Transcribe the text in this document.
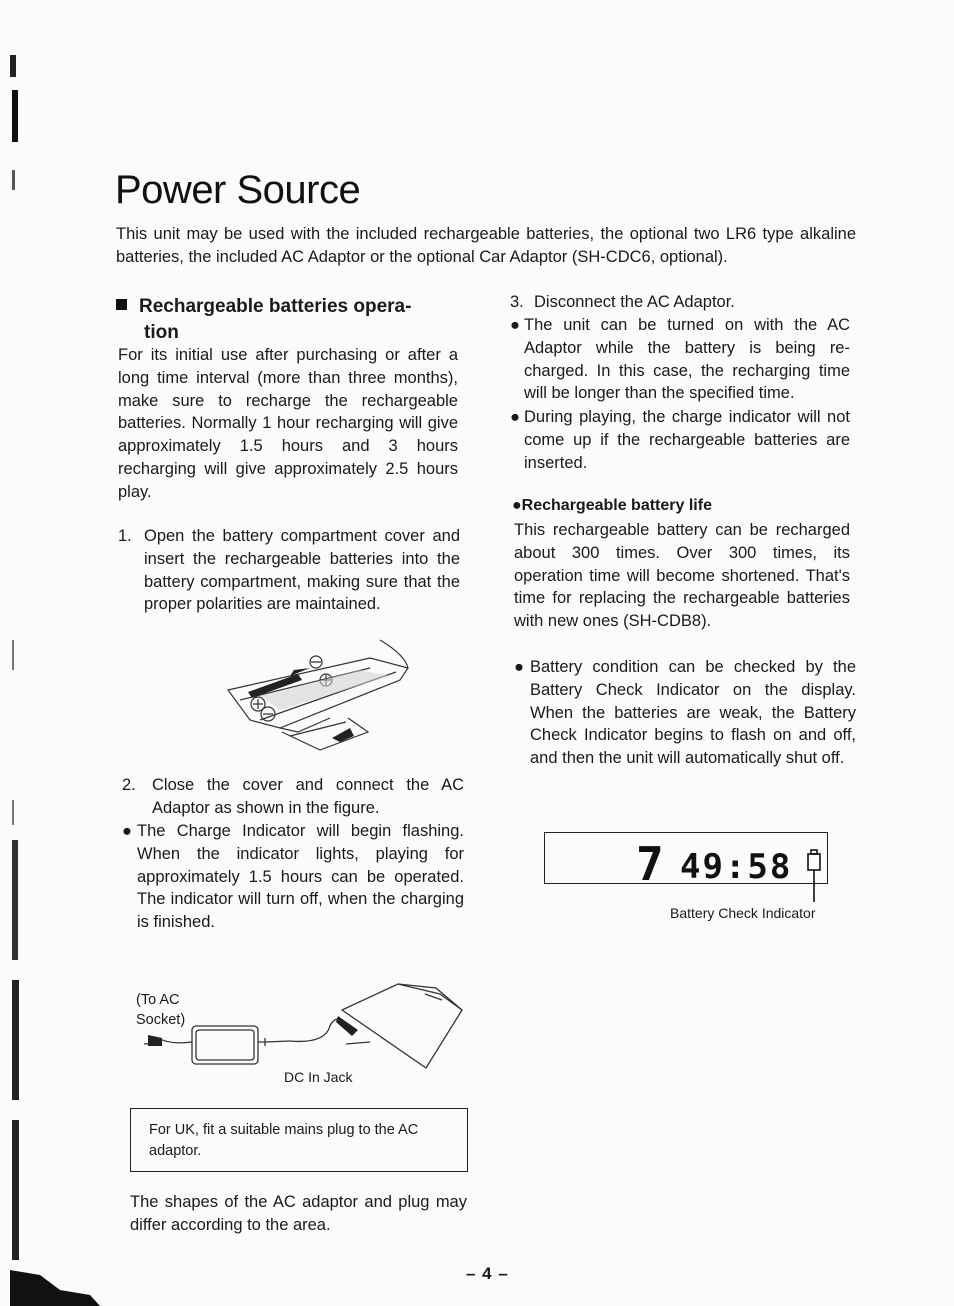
Power Source
This unit may be used with the included rechargeable batteries, the optional two LR6 type alkaline batteries, the included AC Adaptor or the optional Car Adaptor (SH-CDC6, optional).
Rechargeable batteries opera-
tion
For its initial use after purchasing or after a long time interval (more than three months), make sure to recharge the rechargeable batteries. Normally 1 hour recharging will give approximately 1.5 hours and 3 hours recharging will give approximately 2.5 hours play.
1. Open the battery compartment cover and insert the rechargeable batteries into the battery compartment, making sure that the proper polarities are maintained.
2. Close the cover and connect the AC Adaptor as shown in the figure.
● The Charge Indicator will begin flashing. When the indicator lights, playing for approximately 1.5 hours can be operated. The indicator will turn off, when the charging is finished.
(To AC
Socket)
DC In Jack
For UK, fit a suitable mains plug to the AC adaptor.
The shapes of the AC adaptor and plug may differ according to the area.
3. Disconnect the AC Adaptor.
● The unit can be turned on with the AC Adaptor while the battery is being recharged. In this case, the recharging time will be longer than the specified time.
● During playing, the charge indicator will not come up if the rechargeable batteries are inserted.
●Rechargeable battery life
This rechargeable battery can be recharged about 300 times. Over 300 times, its operation time will become shortened. That's time for replacing the rechargeable batteries with new ones (SH-CDB8).
● Battery condition can be checked by the Battery Check Indicator on the display. When the batteries are weak, the Battery Check Indicator begins to flash on and off, and then the unit will automatically shut off.
7 49:58
Battery Check Indicator
– 4 –
